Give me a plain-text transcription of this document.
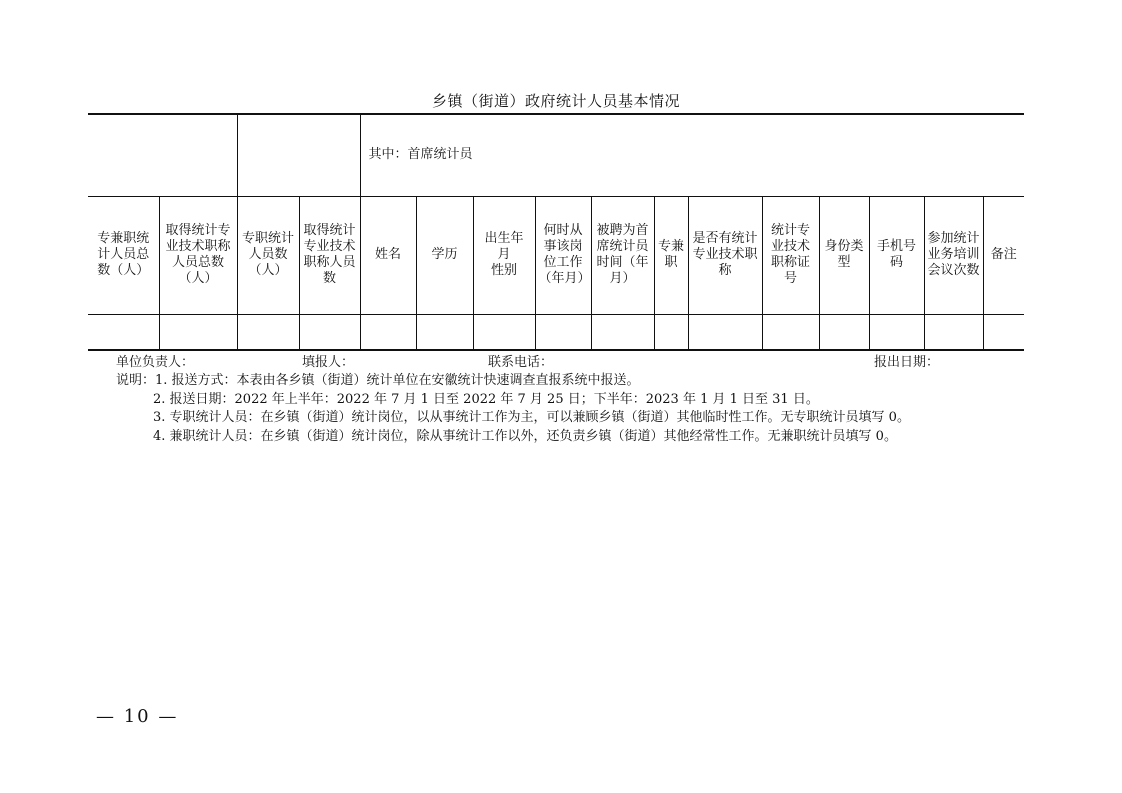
乡镇（街道）政府统计人员基本情况
				其中：首席统计员											
专兼职统计人员总数（人）	取得统计专业技术职称人员总数（人）	专职统计人员数（人）	取得统计专业技术职称人员数	姓名	学历	出生年
月
性别	何时从事该岗位工作（年月）	被聘为首席统计员时间（年月）	专兼职	是否有统计专业技术职称	统计专业技术职称证号	身份类型	手机号码	参加统计业务培训会议次数	备注

单位负责人：	填报人：	联系电话：	报出日期：
说明：1. 报送方式：本表由各乡镇（街道）统计单位在安徽统计快速调查直报系统中报送。
2. 报送日期：2022 年上半年：2022 年 7 月 1 日至 2022 年 7 月 25 日；下半年：2023 年 1 月 1 日至 31 日。
3. 专职统计人员：在乡镇（街道）统计岗位，以从事统计工作为主，可以兼顾乡镇（街道）其他临时性工作。无专职统计员填写 0。
4. 兼职统计人员：在乡镇（街道）统计岗位，除从事统计工作以外，还负责乡镇（街道）其他经常性工作。无兼职统计员填写 0。
— 10 —
